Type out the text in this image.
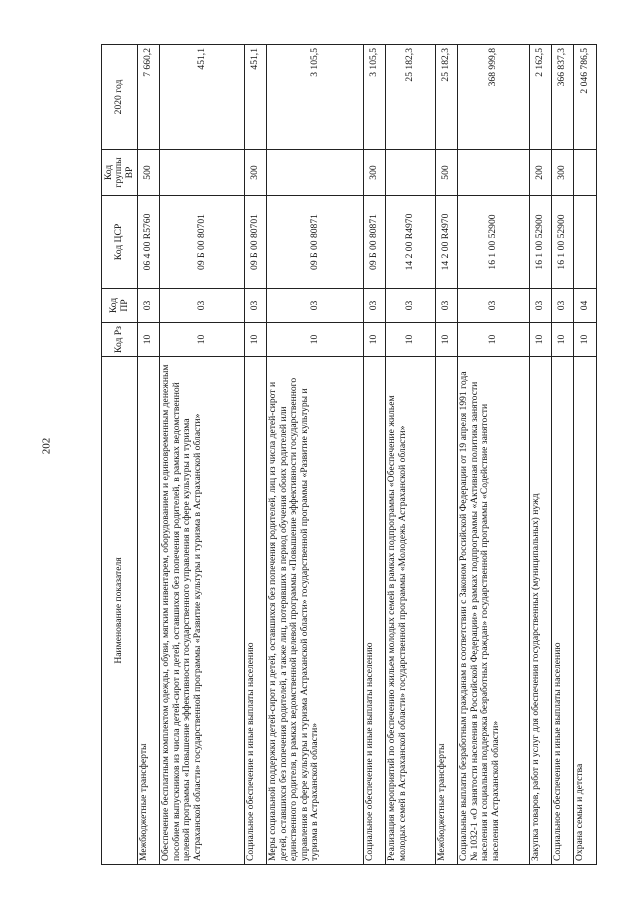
202
Наименование показателя	Код Рз	Код ПР	Код ЦСР	Код группы ВР	2020 год
Межбюджетные трансферты	10	03	06 4 00 R5760	500	7 660,2
Обеспечение бесплатным комплектом одежды, обуви, мягким инвентарем, оборудованием и единовременным денежным пособием выпускников из числа детей-сирот и детей, оставшихся без попечения родителей, в рамках ведомственной целевой программы «Повышение эффективности государственного управления в сфере культуры и туризма Астраханской области» государственной программы «Развитие культуры и туризма в Астраханской области»	10	03	09 Б 00 80701		451,1
Социальное обеспечение и иные выплаты населению	10	03	09 Б 00 80701	300	451,1
Меры социальной поддержки детей-сирот и детей, оставшихся без попечения родителей, лиц из числа детей-сирот и детей, оставшихся без попечения родителей, а также лиц, потерявших в период обучения обоих родителей или единственного родителя, в рамках ведомственной целевой программы «Повышение эффективности государственного управления в сфере культуры и туризма Астраханской области» государственной программы «Развитие культуры и туризма в Астраханской области»	10	03	09 Б 00 80871		3 105,5
Социальное обеспечение и иные выплаты населению	10	03	09 Б 00 80871	300	3 105,5
Реализация мероприятий по обеспечению жильем молодых семей в рамках подпрограммы «Обеспечение жильем молодых семей в Астраханской области» государственной программы «Молодежь Астраханской области»	10	03	14 2 00 R4970		25 182,3
Межбюджетные трансферты	10	03	14 2 00 R4970	500	25 182,3
Социальные выплаты безработным гражданам в соответствии с Законом Российской Федерации от 19 апреля 1991 года № 1032-1 «О занятости населения в Российской Федерации» в рамках подпрограммы «Активная политика занятости населения и социальная поддержка безработных граждан» государственной программы «Содействие занятости населения Астраханской области»	10	03	16 1 00 52900		368 999,8
Закупка товаров, работ и услуг для обеспечения государственных (муниципальных) нужд	10	03	16 1 00 52900	200	2 162,5
Социальное обеспечение и иные выплаты населению	10	03	16 1 00 52900	300	366 837,3
Охрана семьи и детства	10	04			2 046 786,5
